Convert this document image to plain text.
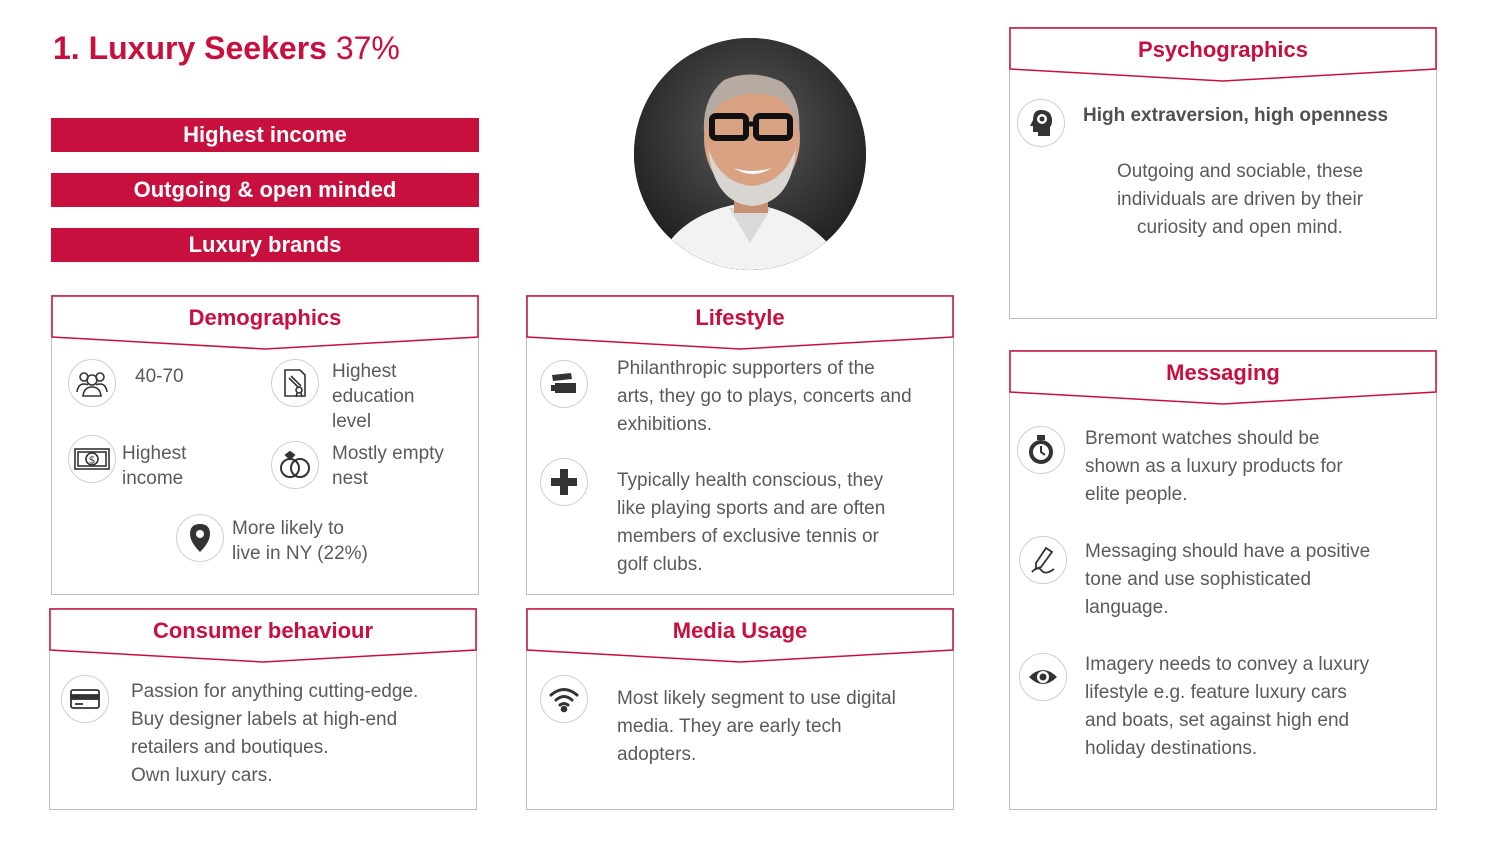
1. Luxury Seekers 37%
Highest income
Outgoing & open minded
Luxury brands
Demographics
40-70	Highest
education
level
$ Highest
income
Mostly empty
nest
More likely to
live in NY (22%)
Consumer behaviour
Passion for anything cutting-edge.
Buy designer labels at high-end
retailers and boutiques.
Own luxury cars.
Lifestyle
Philanthropic supporters of the
arts, they go to plays, concerts and
exhibitions.
Typically health conscious, they
like playing sports and are often
members of exclusive tennis or
golf clubs.
Media Usage
Most likely segment to use digital
media. They are early tech
adopters.
Psychographics
High extraversion, high openness
Outgoing and sociable, these
individuals are driven by their
curiosity and open mind.
Messaging
Bremont watches should be
shown as a luxury products for
elite people.
Messaging should have a positive
tone and use sophisticated
language.
Imagery needs to convey a luxury
lifestyle e.g. feature luxury cars
and boats, set against high end
holiday destinations.
